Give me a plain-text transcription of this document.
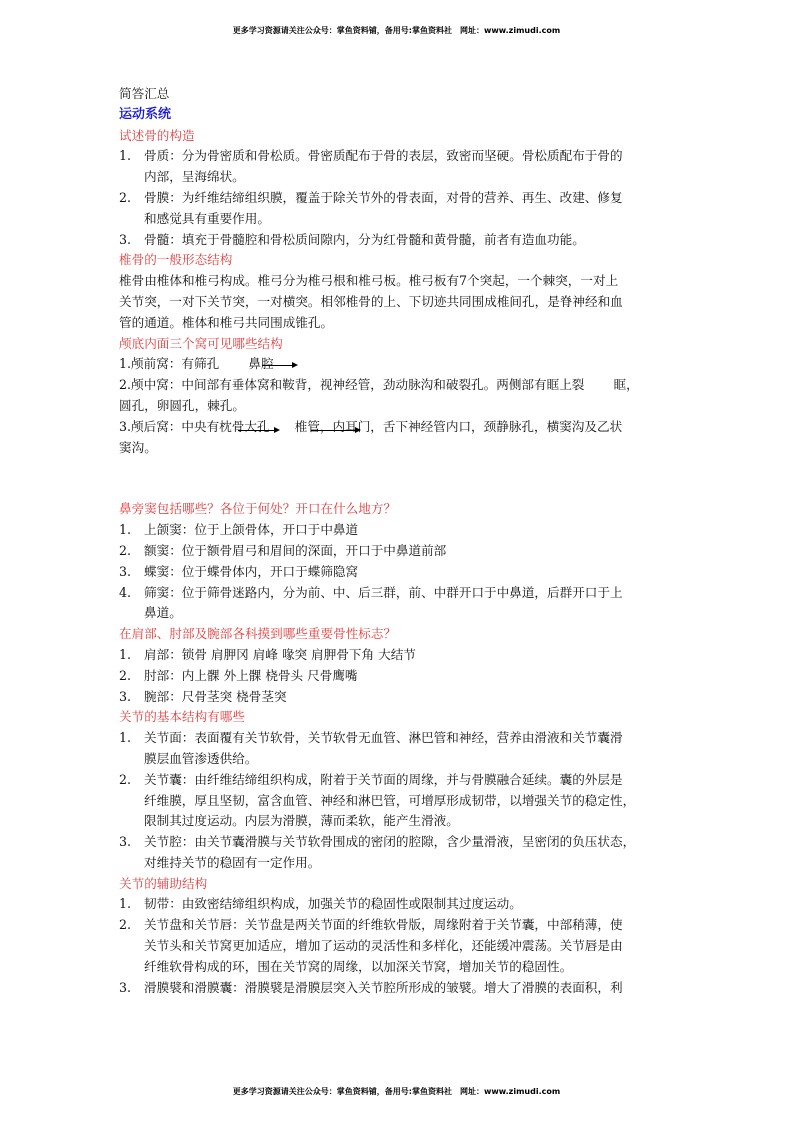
更多学习资源请关注公众号：掌鱼资料铺，备用号:掌鱼资料社　网址：www.zimudi.com
简答汇总
运动系统
试述骨的构造
1. 骨质：分为骨密质和骨松质。骨密质配布于骨的表层，致密而坚硬。骨松质配布于骨的
内部，呈海绵状。
2. 骨膜：为纤维结缔组织膜，覆盖于除关节外的骨表面，对骨的营养、再生、改建、修复
和感觉具有重要作用。
3. 骨髓：填充于骨髓腔和骨松质间隙内，分为红骨髓和黄骨髓，前者有造血功能。
椎骨的一般形态结构
椎骨由椎体和椎弓构成。椎弓分为椎弓根和椎弓板。椎弓板有7个突起，一个棘突，一对上
关节突，一对下关节突，一对横突。相邻椎骨的上、下切迹共同围成椎间孔，是脊神经和血
管的通道。椎体和椎弓共同围成锥孔。
颅底内面三个窝可见哪些结构
1.颅前窝：有筛孔　　 鼻腔
2.颅中窝：中间部有垂体窝和鞍背，视神经管，劲动脉沟和破裂孔。两侧部有眶上裂　　 眶，
圆孔，卵圆孔，棘孔。
3.颅后窝：中央有枕骨大孔　　椎管，内耳门，舌下神经管内口，颈静脉孔，横窦沟及乙状
窦沟。
鼻旁窦包括哪些？各位于何处？开口在什么地方？
1. 上颌窦：位于上颌骨体，开口于中鼻道
2. 额窦：位于额骨眉弓和眉间的深面，开口于中鼻道前部
3. 蝶窦：位于蝶骨体内，开口于蝶筛隐窝
4. 筛窦：位于筛骨迷路内，分为前、中、后三群，前、中群开口于中鼻道，后群开口于上
鼻道。
在肩部、肘部及腕部各科摸到哪些重要骨性标志？
1. 肩部：锁骨 肩胛冈 肩峰 喙突 肩胛骨下角 大结节
2. 肘部：内上髁 外上髁 桡骨头 尺骨鹰嘴
3. 腕部：尺骨茎突 桡骨茎突
关节的基本结构有哪些
1. 关节面：表面覆有关节软骨，关节软骨无血管、淋巴管和神经，营养由滑液和关节囊滑
膜层血管渗透供给。
2. 关节囊：由纤维结缔组织构成，附着于关节面的周缘，并与骨膜融合延续。囊的外层是
纤维膜，厚且坚韧，富含血管、神经和淋巴管，可增厚形成韧带，以增强关节的稳定性，
限制其过度运动。内层为滑膜，薄而柔软，能产生滑液。
3. 关节腔：由关节囊滑膜与关节软骨围成的密闭的腔隙，含少量滑液，呈密闭的负压状态，
对维持关节的稳固有一定作用。
关节的辅助结构
1. 韧带：由致密结缔组织构成，加强关节的稳固性或限制其过度运动。
2. 关节盘和关节唇：关节盘是两关节面的纤维软骨版，周缘附着于关节囊，中部稍薄，使
关节头和关节窝更加适应，增加了运动的灵活性和多样化，还能缓冲震荡。关节唇是由
纤维软骨构成的环，围在关节窝的周缘，以加深关节窝，增加关节的稳固性。
3. 滑膜襞和滑膜囊：滑膜襞是滑膜层突入关节腔所形成的皱襞。增大了滑膜的表面积，利
更多学习资源请关注公众号：掌鱼资料铺，备用号:掌鱼资料社　网址：www.zimudi.com
